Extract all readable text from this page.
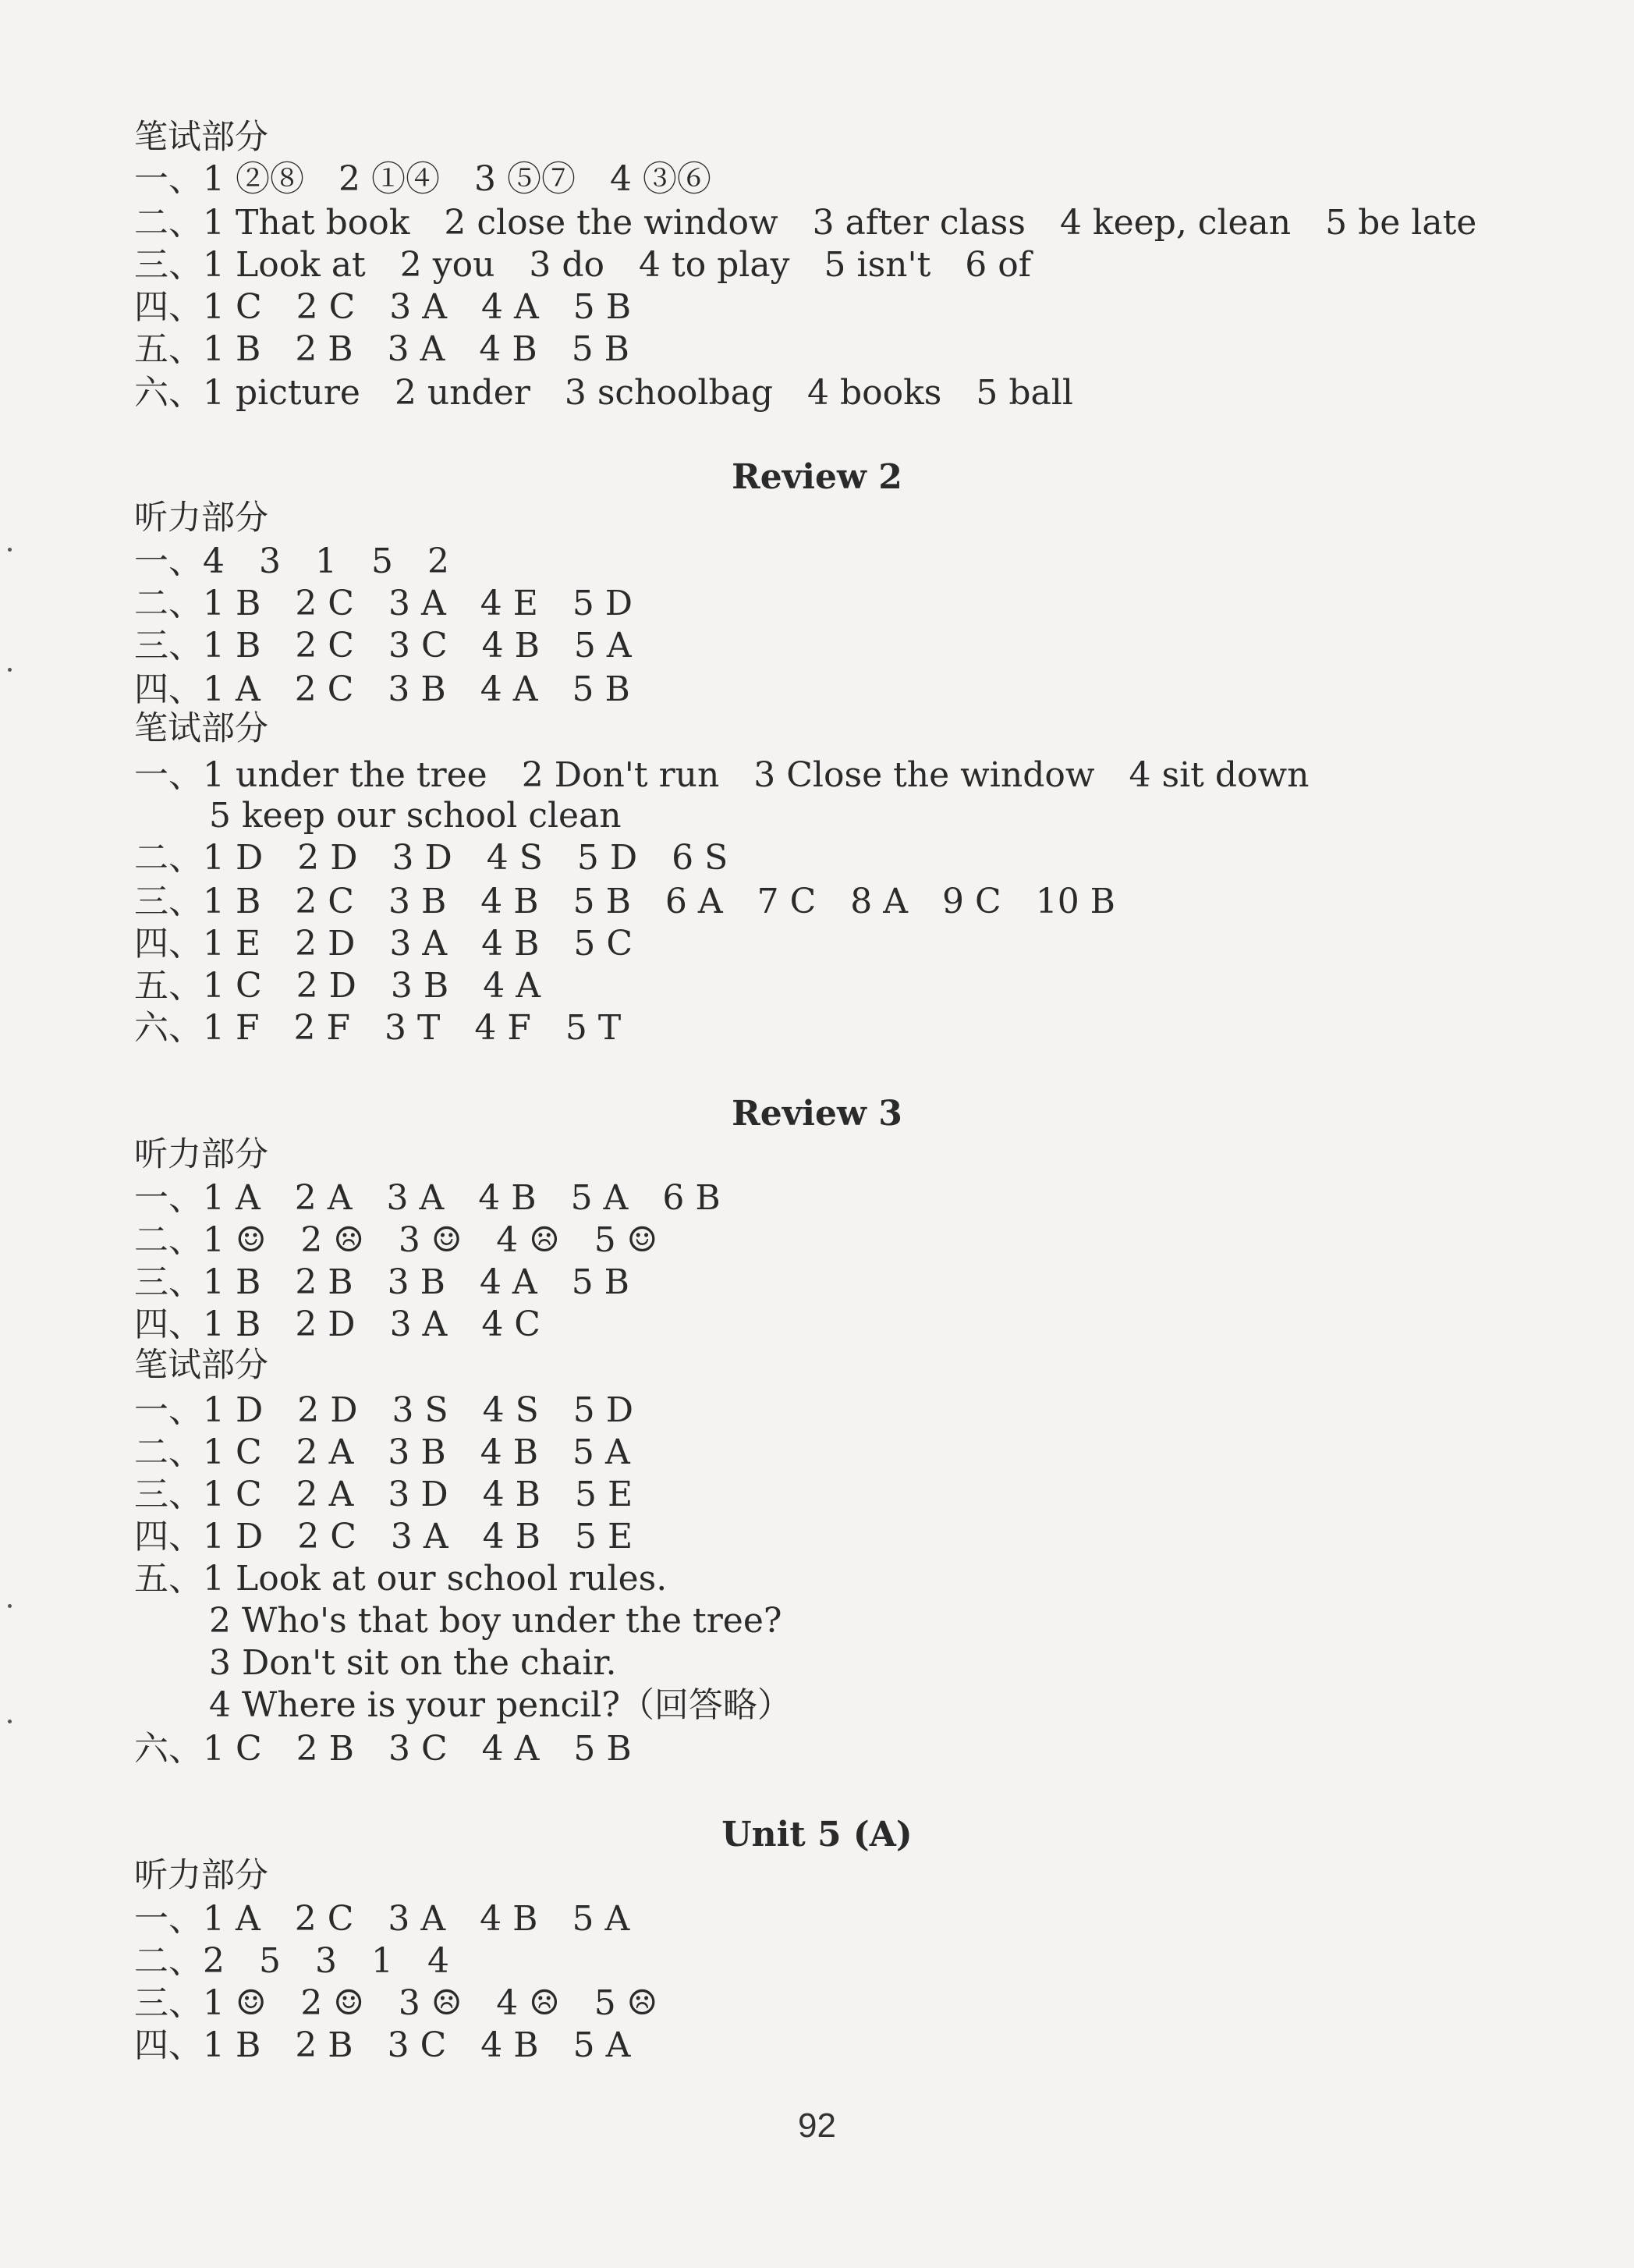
笔试部分
一、1 ②⑧　2 ①④　3 ⑤⑦　4 ③⑥
二、1 That book　2 close the window　3 after class　4 keep, clean　5 be late
三、1 Look at　2 you　3 do　4 to play　5 isn't　6 of
四、1 C　2 C　3 A　4 A　5 B
五、1 B　2 B　3 A　4 B　5 B
六、1 picture　2 under　3 schoolbag　4 books　5 ball
Review 2
听力部分
一、4　3　1　5　2
二、1 B　2 C　3 A　4 E　5 D
三、1 B　2 C　3 C　4 B　5 A
四、1 A　2 C　3 B　4 A　5 B
笔试部分
一、1 under the tree　2 Don't run　3 Close the window　4 sit down
5 keep our school clean
二、1 D　2 D　3 D　4 S　5 D　6 S
三、1 B　2 C　3 B　4 B　5 B　6 A　7 C　8 A　9 C　10 B
四、1 E　2 D　3 A　4 B　5 C
五、1 C　2 D　3 B　4 A
六、1 F　2 F　3 T　4 F　5 T
Review 3
听力部分
一、1 A　2 A　3 A　4 B　5 A　6 B
二、1 ☺　2 ☹　3 ☺　4 ☹　5 ☺
三、1 B　2 B　3 B　4 A　5 B
四、1 B　2 D　3 A　4 C
笔试部分
一、1 D　2 D　3 S　4 S　5 D
二、1 C　2 A　3 B　4 B　5 A
三、1 C　2 A　3 D　4 B　5 E
四、1 D　2 C　3 A　4 B　5 E
五、1 Look at our school rules.
2 Who's that boy under the tree?
3 Don't sit on the chair.
4 Where is your pencil?（回答略）
六、1 C　2 B　3 C　4 A　5 B
Unit 5 (A)
听力部分
一、1 A　2 C　3 A　4 B　5 A
二、2　5　3　1　4
三、1 ☺　2 ☺　3 ☹　4 ☹　5 ☹
四、1 B　2 B　3 C　4 B　5 A
92
